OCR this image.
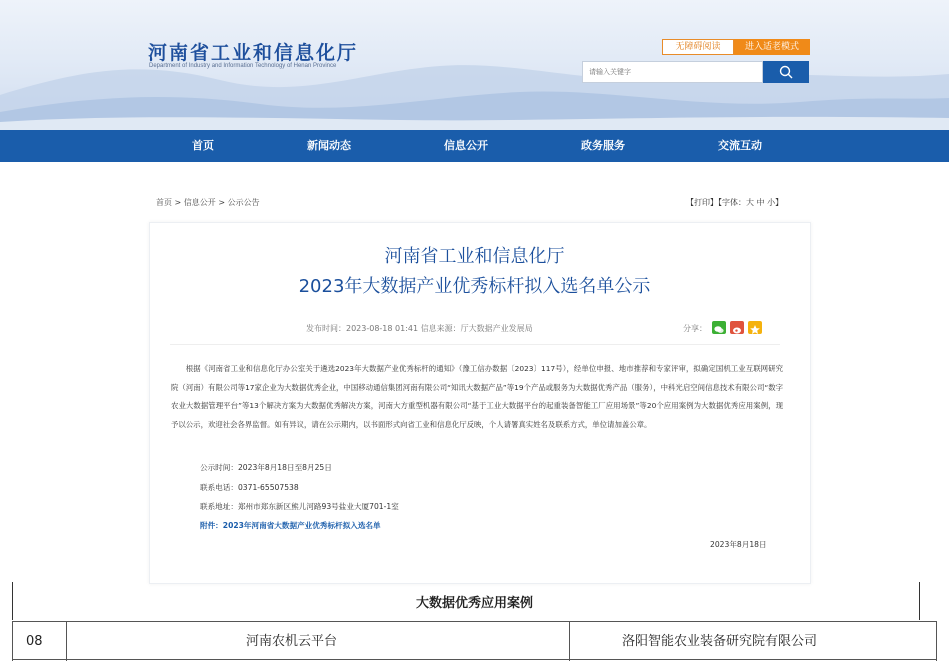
河南省工业和信息化厅
Department of Industry and Information Technology of Henan Province
无障碍阅读	进入适老模式
请输入关键字
首页	新闻动态	信息公开	政务服务	交流互动
首页 > 信息公开 > 公示公告	【打印】【字体：大 中 小】
河南省工业和信息化厅
2023年大数据产业优秀标杆拟入选名单公示
发布时间：2023-08-18 01:41 信息来源：厅大数据产业发展局	分享：
根据《河南省工业和信息化厅办公室关于遴选2023年大数据产业优秀标杆的通知》（豫工信办数据〔2023〕117号），经单位申报、地市推荐和专家评审，拟确定国机工业互联网研究院（河南）有限公司等17家企业为大数据优秀企业，中国移动通信集团河南有限公司“知讯大数据产品”等19个产品或服务为大数据优秀产品（服务），中科光启空间信息技术有限公司“数字农业大数据管理平台”等13个解决方案为大数据优秀解决方案，河南大方重型机器有限公司“基于工业大数据平台的起重装备智能工厂应用场景”等20个应用案例为大数据优秀应用案例，现予以公示，欢迎社会各界监督。如有异议，请在公示期内，以书面形式向省工业和信息化厅反映，个人请署真实姓名及联系方式，单位请加盖公章。
公示时间：2023年8月18日至8月25日
联系电话：0371-65507538
联系地址：郑州市郑东新区熊儿河路93号盐业大厦701-1室
附件：2023年河南省大数据产业优秀标杆拟入选名单
2023年8月18日
大数据优秀应用案例
08	河南农机云平台	洛阳智能农业装备研究院有限公司
